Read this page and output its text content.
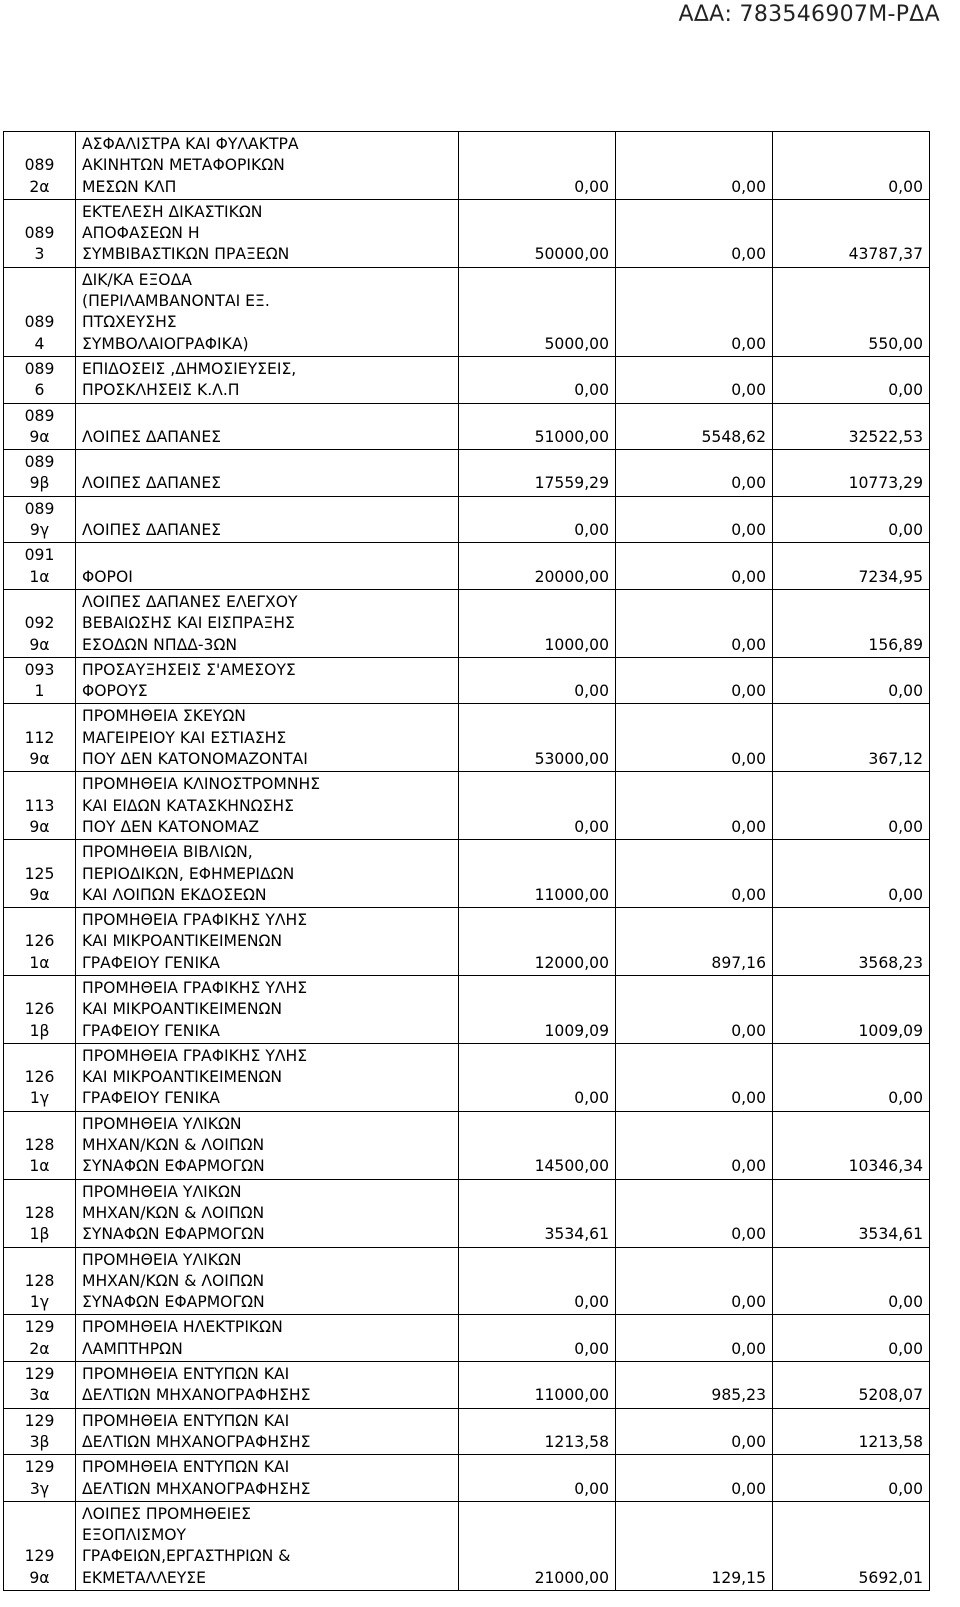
ΑΔΑ: 783546907Μ-ΡΔΑ
089
2α	ΑΣΦΑΛΙΣΤΡΑ ΚΑΙ ΦΥΛΑΚΤΡΑ
ΑΚΙΝΗΤΩΝ ΜΕΤΑΦΟΡΙΚΩΝ
ΜΕΣΩΝ ΚΛΠ	0,00	0,00	0,00
089
3	ΕΚΤΕΛΕΣΗ ΔΙΚΑΣΤΙΚΩΝ
ΑΠΟΦΑΣΕΩΝ Η
ΣΥΜΒΙΒΑΣΤΙΚΩΝ ΠΡΑΞΕΩΝ	50000,00	0,00	43787,37
089
4	ΔΙΚ/ΚΑ ΕΞΟΔΑ
(ΠΕΡΙΛΑΜΒΑΝΟΝΤΑΙ ΕΞ.
ΠΤΩΧΕΥΣΗΣ
ΣΥΜΒΟΛΑΙΟΓΡΑΦΙΚΑ)	5000,00	0,00	550,00
089
6	ΕΠΙΔΟΣΕΙΣ ,ΔΗΜΟΣΙΕΥΣΕΙΣ,
ΠΡΟΣΚΛΗΣΕΙΣ Κ.Λ.Π	0,00	0,00	0,00
089
9α	ΛΟΙΠΕΣ ΔΑΠΑΝΕΣ	51000,00	5548,62	32522,53
089
9β	ΛΟΙΠΕΣ ΔΑΠΑΝΕΣ	17559,29	0,00	10773,29
089
9γ	ΛΟΙΠΕΣ ΔΑΠΑΝΕΣ	0,00	0,00	0,00
091
1α	ΦΟΡΟΙ	20000,00	0,00	7234,95
092
9α	ΛΟΙΠΕΣ ΔΑΠΑΝΕΣ ΕΛΕΓΧΟΥ
ΒΕΒΑΙΩΣΗΣ ΚΑΙ ΕΙΣΠΡΑΞΗΣ
ΕΣΟΔΩΝ ΝΠΔΔ-3ΩΝ	1000,00	0,00	156,89
093
1	ΠΡΟΣΑΥΞΗΣΕΙΣ Σ'ΑΜΕΣΟΥΣ
ΦΟΡΟΥΣ	0,00	0,00	0,00
112
9α	ΠΡΟΜΗΘΕΙΑ ΣΚΕΥΩΝ
ΜΑΓΕΙΡΕΙΟΥ ΚΑΙ ΕΣΤΙΑΣΗΣ
ΠΟΥ ΔΕΝ ΚΑΤΟΝΟΜΑΖΟΝΤΑΙ	53000,00	0,00	367,12
113
9α	ΠΡΟΜΗΘΕΙΑ ΚΛΙΝΟΣΤΡΟΜΝΗΣ
ΚΑΙ ΕΙΔΩΝ ΚΑΤΑΣΚΗΝΩΣΗΣ
ΠΟΥ ΔΕΝ ΚΑΤΟΝΟΜΑΖ	0,00	0,00	0,00
125
9α	ΠΡΟΜΗΘΕΙΑ ΒΙΒΛΙΩΝ,
ΠΕΡΙΟΔΙΚΩΝ, ΕΦΗΜΕΡΙΔΩΝ
ΚΑΙ ΛΟΙΠΩΝ ΕΚΔΟΣΕΩΝ	11000,00	0,00	0,00
126
1α	ΠΡΟΜΗΘΕΙΑ ΓΡΑΦΙΚΗΣ ΥΛΗΣ
ΚΑΙ ΜΙΚΡΟΑΝΤΙΚΕΙΜΕΝΩΝ
ΓΡΑΦΕΙΟΥ ΓΕΝΙΚΑ	12000,00	897,16	3568,23
126
1β	ΠΡΟΜΗΘΕΙΑ ΓΡΑΦΙΚΗΣ ΥΛΗΣ
ΚΑΙ ΜΙΚΡΟΑΝΤΙΚΕΙΜΕΝΩΝ
ΓΡΑΦΕΙΟΥ ΓΕΝΙΚΑ	1009,09	0,00	1009,09
126
1γ	ΠΡΟΜΗΘΕΙΑ ΓΡΑΦΙΚΗΣ ΥΛΗΣ
ΚΑΙ ΜΙΚΡΟΑΝΤΙΚΕΙΜΕΝΩΝ
ΓΡΑΦΕΙΟΥ ΓΕΝΙΚΑ	0,00	0,00	0,00
128
1α	ΠΡΟΜΗΘΕΙΑ ΥΛΙΚΩΝ
ΜΗΧΑΝ/ΚΩΝ & ΛΟΙΠΩΝ
ΣΥΝΑΦΩΝ ΕΦΑΡΜΟΓΩΝ	14500,00	0,00	10346,34
128
1β	ΠΡΟΜΗΘΕΙΑ ΥΛΙΚΩΝ
ΜΗΧΑΝ/ΚΩΝ & ΛΟΙΠΩΝ
ΣΥΝΑΦΩΝ ΕΦΑΡΜΟΓΩΝ	3534,61	0,00	3534,61
128
1γ	ΠΡΟΜΗΘΕΙΑ ΥΛΙΚΩΝ
ΜΗΧΑΝ/ΚΩΝ & ΛΟΙΠΩΝ
ΣΥΝΑΦΩΝ ΕΦΑΡΜΟΓΩΝ	0,00	0,00	0,00
129
2α	ΠΡΟΜΗΘΕΙΑ ΗΛΕΚΤΡΙΚΩΝ
ΛΑΜΠΤΗΡΩΝ	0,00	0,00	0,00
129
3α	ΠΡΟΜΗΘΕΙΑ ΕΝΤΥΠΩΝ ΚΑΙ
ΔΕΛΤΙΩΝ ΜΗΧΑΝΟΓΡΑΦΗΣΗΣ	11000,00	985,23	5208,07
129
3β	ΠΡΟΜΗΘΕΙΑ ΕΝΤΥΠΩΝ ΚΑΙ
ΔΕΛΤΙΩΝ ΜΗΧΑΝΟΓΡΑΦΗΣΗΣ	1213,58	0,00	1213,58
129
3γ	ΠΡΟΜΗΘΕΙΑ ΕΝΤΥΠΩΝ ΚΑΙ
ΔΕΛΤΙΩΝ ΜΗΧΑΝΟΓΡΑΦΗΣΗΣ	0,00	0,00	0,00
129
9α	ΛΟΙΠΕΣ ΠΡΟΜΗΘΕΙΕΣ
ΕΞΟΠΛΙΣΜΟΥ
ΓΡΑΦΕΙΩΝ,ΕΡΓΑΣΤΗΡΙΩΝ &
ΕΚΜΕΤΑΛΛΕΥΣΕ	21000,00	129,15	5692,01
